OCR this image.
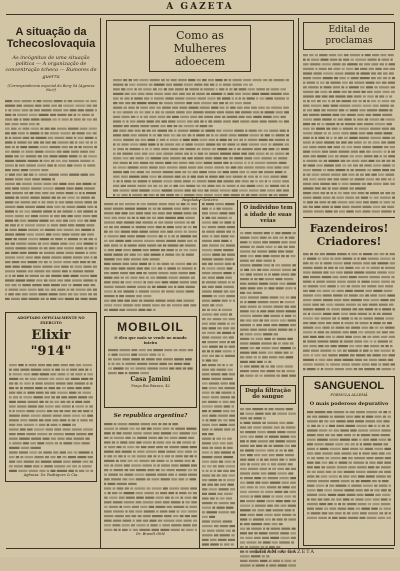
A GAZETA
A situação da Tchecoslovaquia
As incógnitas de uma situação política — A organização de concentração tcheca — Rumores de guerra
(Correspondencia especial do Berg Sá (Agencia Nur))
ADOPTADO OFFICIALMENTE NO EXERCITO
Elixir "914"
Agência: Dr. Rodrigues & Cia.
Como as Mulheres adoecem
Regulador Gesteira
MOBILOIL
O óleo que mais se vende no mundo inteiro
Casa Jamini
Praça Rio Branco, 42
Se republica argentina?
Dr. Brandt Ohlé
O individuo tem a idade de suas veias
Dupla filtração do sangue
Edital de proclamas
Fazendeiros! Criadores!
SANGUENOL
FORMULA ALLEMÃ
O mais poderoso depurativo
LEIAM A GAZETA
